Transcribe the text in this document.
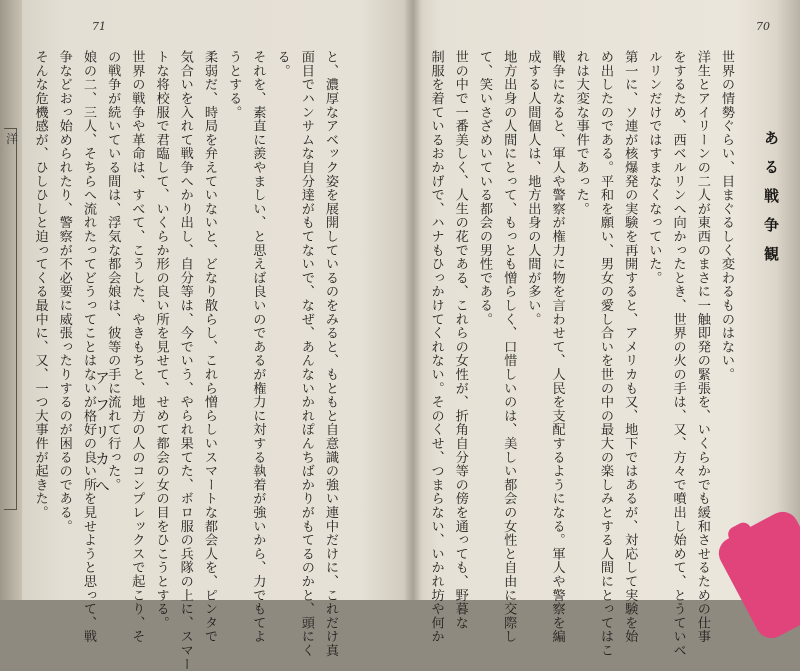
洋
71
と、濃厚なアベック姿を展開しているのをみると、もともと自意識の強い連中だけに、これだけ真
面目でハンサムな自分達がもてないで、なぜ、あんないかれぽんちばかりがもてるのかと、頭にく
る。
それを、素直に羨やましい、と思えば良いのであるが権力に対する執着が強いから、力でもてよ
うとする。
柔弱だ、時局を弁えていないと、どなり散らし、これら憎らしいスマートな都会人を、ピンタで
気合いを入れて戦争へかり出し、自分等は、今でいう、やられ果てた、ボロ服の兵隊の上に、スマー
トな将校服で君臨して、いくらか形の良い所を見せて、せめて都会の女の目をひこうとする。
世界の戦争や革命は、すべて、こうした、やきもちと、地方の人のコンプレックスで起こり、そ
の戦争が続いている間は、浮気な都会娘は、彼等の手に流れて行った。
娘の二、三人、そちらへ流れたってどうってことはないが格好の良い所を見せようと思って、戦
争などおっ始められたり、警察が不必要に威張ったりするのが困るのである。
そんな危機感が、ひしひしと迫ってくる最中に、又、一つ大事件が起きた。	アフリカへ
70
ある戦争観
世界の情勢ぐらい、目まぐるしく変わるものはない。
洋生とアイリーンの二人が東西のまさに一触即発の緊張を、いくらかでも緩和させるための仕事
をするため、西ベルリンへ向かったとき、世界の火の手は、又、方々で噴出し始めて、とうていベ
ルリンだけではすまなくなっていた。
第一に、ソ連が核爆発の実験を再開すると、アメリカも又、地下ではあるが、対応して実験を始
め出したのである。平和を願い、男女の愛し合いを世の中の最大の楽しみとする人間にとってはこ
れは大変な事件であった。
戦争になると、軍人や警察が権力に物を言わせて、人民を支配するようになる。軍人や警察を編
成する人間個人は、地方出身の人間が多い。
地方出身の人間にとって、もっとも憎らしく、口惜しいのは、美しい都会の女性と自由に交際し
て、笑いさざめいている都会の男性である。
世の中で一番美しく、人生の花である、これらの女性が、折角自分等の傍を通っても、野暮な
制服を着ているおかげで、ハナもひっかけてくれない。そのくせ、つまらない、いかれ坊や何か
